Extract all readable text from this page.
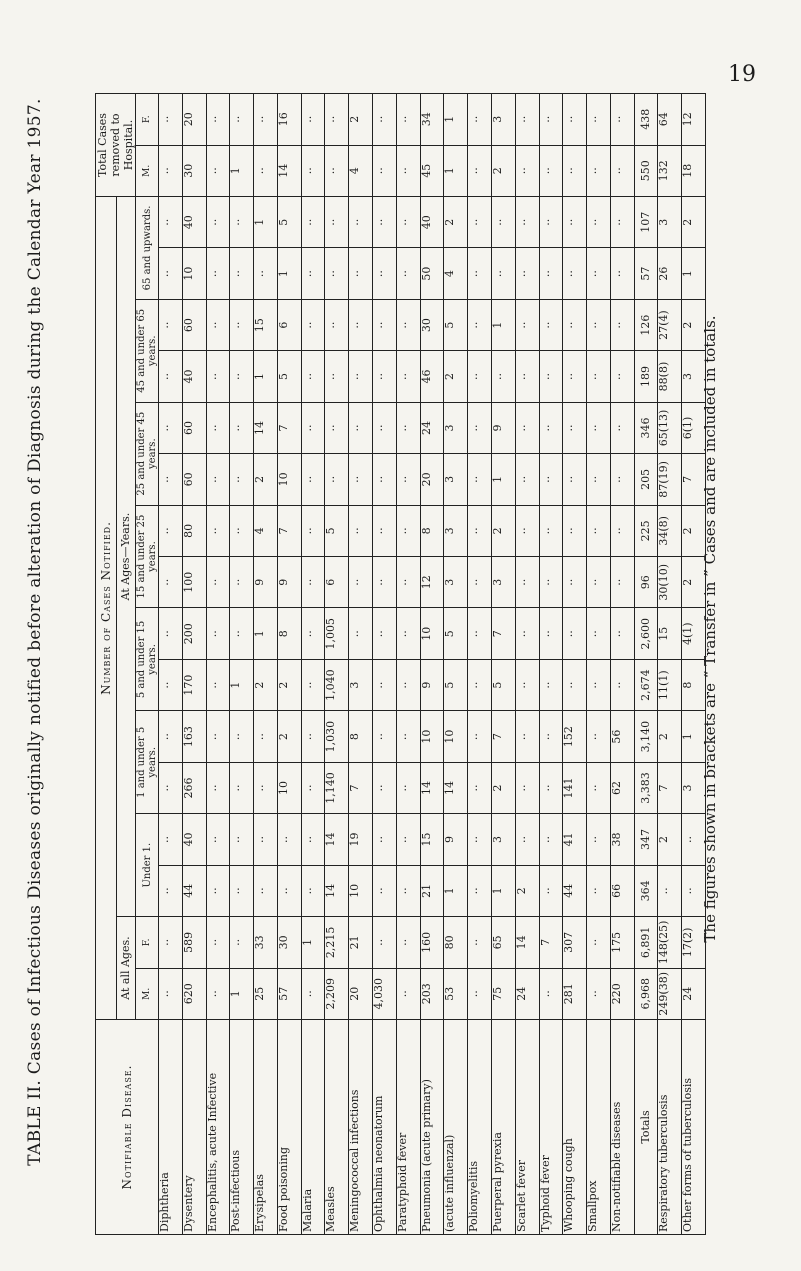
19
TABLE II. Cases of Infectious Diseases originally notified before alteration of Diagnosis during the Calendar Year 1957.	The figures shown in brackets are “ Transfer in ” Cases and are included in totals.
Notifiable Disease.	Number of Cases Notified.																Total Cases removed to Hospital.	
	At all Ages.		At Ages—Years.															
	M.	F.	Under 1.		1 and under 5 years.		5 and under 15 years.		15 and under 25 years.		25 and under 45 years.		45 and under 65 years.		65 and upwards.		M.	F.
Diphtheria	..	..	..	..	..	..	..	..	..	..	..	..	..	..	..	..	..	..
Dysentery	620	589	44	40	266	163	170	200	100	80	60	60	40	60	10	40	30	20
Encephalitis, acute Infective	..	..	..	..	..	..	..	..	..	..	..	..	..	..	..	..	..	..
Post-infectious	1	..	..	..	..	..	1	..	..	..	..	..	..	..	..	..	1	..
Erysipelas	25	33	..	..	..	..	2	1	9	4	2	14	1	15	..	1	..	..
Food poisoning	57	30	..	..	10	2	2	8	9	7	10	7	5	6	1	5	14	16
Malaria	..	1	..	..	..	..	..	..	..	..	..	..	..	..	..	..	..	..
Measles	2,209	2,215	14	14	1,140	1,030	1,040	1,005	6	5	..	..	..	..	..	..	..	..
Meningococcal infections	20	21	10	19	7	8	3	..	..	..	..	..	..	..	..	..	4	2
Ophthalmia neonatorum	4,030	..	..	..	..	..	..	..	..	..	..	..	..	..	..	..	..	..
Paratyphoid fever	..	..	..	..	..	..	..	..	..	..	..	..	..	..	..	..	..	..
Pneumonia (acute primary)	203	160	21	15	14	10	9	10	12	8	20	24	46	30	50	40	45	34
(acute influenzal)	53	80	1	9	14	10	5	5	3	3	3	3	2	5	4	2	1	1
Poliomyelitis	..	..	..	..	..	..	..	..	..	..	..	..	..	..	..	..	..	..
Puerperal pyrexia	75	65	1	3	2	7	5	7	3	2	1	9	..	1	..	..	2	3
Scarlet fever	24	14	2	..	..	..	..	..	..	..	..	..	..	..	..	..	..	..
Typhoid fever	..	7	..	..	..	..	..	..	..	..	..	..	..	..	..	..	..	..
Whooping cough	281	307	44	41	141	152	..	..	..	..	..	..	..	..	..	..	..	..
Smallpox	..	..	..	..	..	..	..	..	..	..	..	..	..	..	..	..	..	..
Non-notifiable diseases	220	175	66	38	62	56	..	..	..	..	..	..	..	..	..	..	..	..
Totals	6,968	6,891	364	347	3,383	3,140	2,674	2,600	96	225	205	346	189	126	57	107	550	438
Respiratory tuberculosis	249(38)	148(25)	..	2	7	2	11(1)	15	30(10)	34(8)	87(19)	65(13)	88(8)	27(4)	26	3	132	64
Other forms of tuberculosis	24	17(2)	..	..	3	1	8	4(1)	2	2	7	6(1)	3	2	1	2	18	12
